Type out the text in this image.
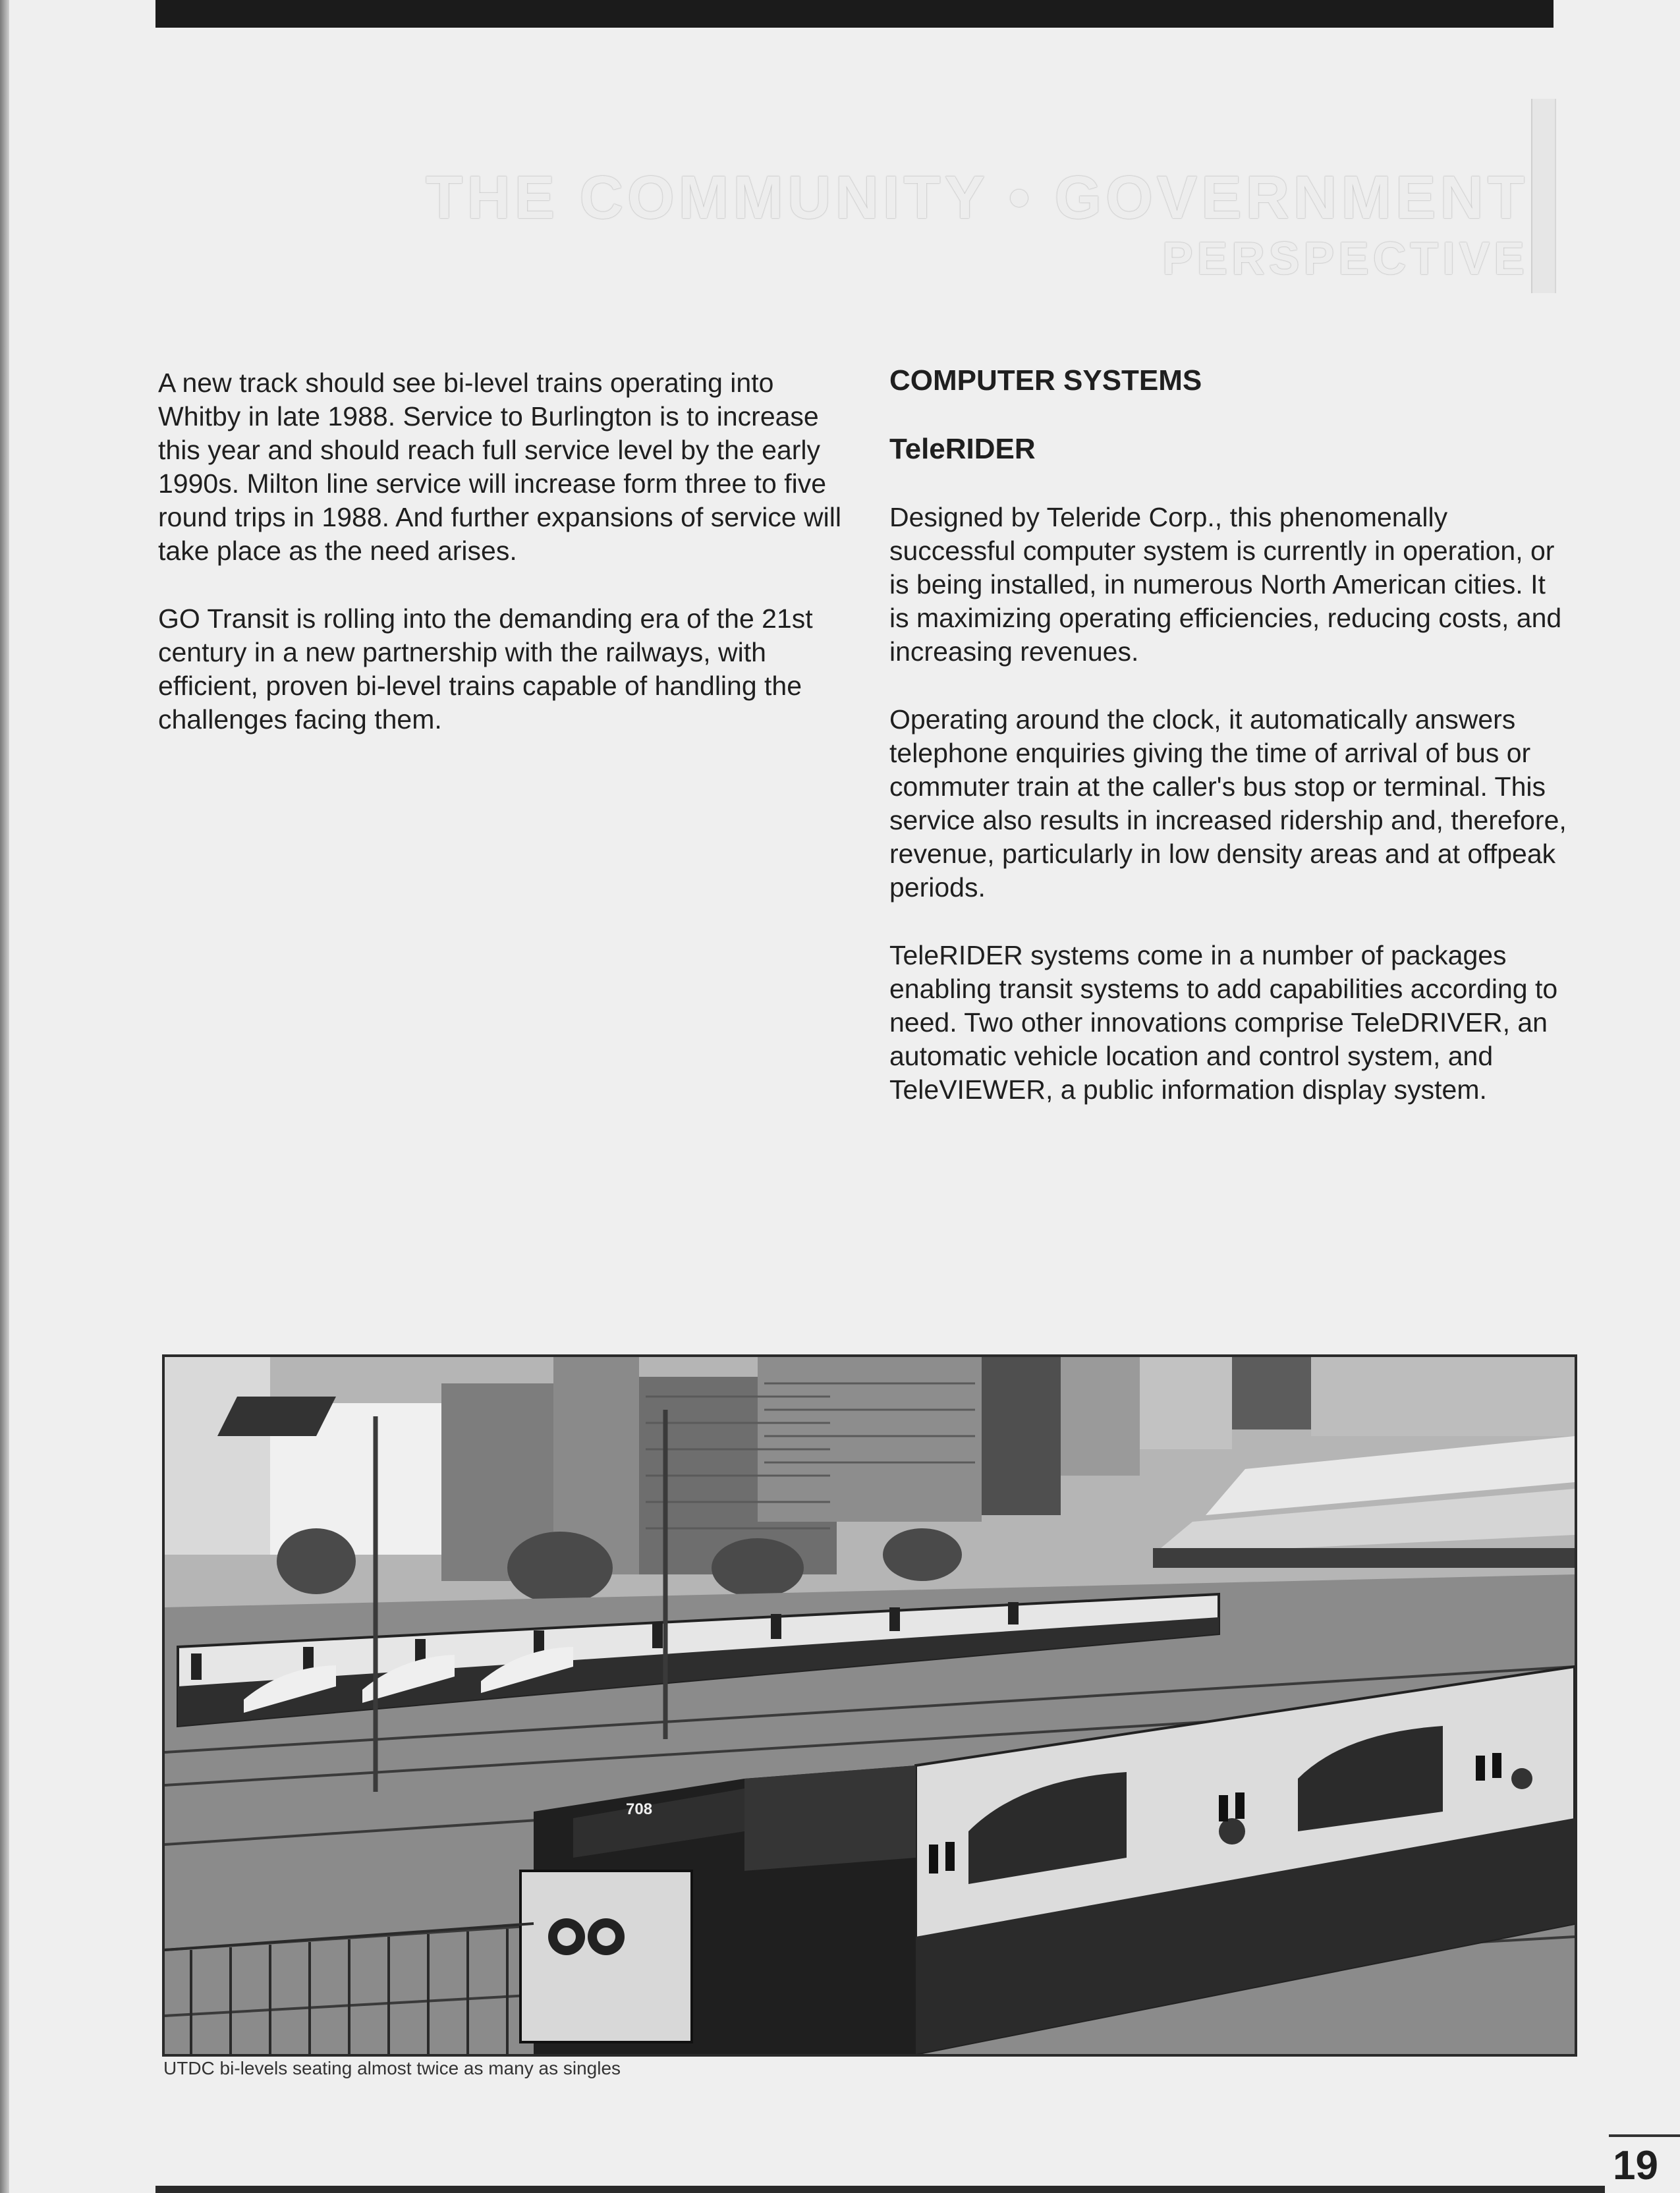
THE COMMUNITY • GOVERNMENT
PERSPECTIVE

A new track should see bi-level trains operating into Whitby in late 1988. Service to Burlington is to increase this year and should reach full service level by the early 1990s. Milton line service will increase form three to five round trips in 1988. And further expansions of service will take place as the need arises.

GO Transit is rolling into the demanding era of the 21st century in a new partnership with the railways, with efficient, proven bi-level trains capable of handling the challenges facing them.

COMPUTER SYSTEMS
TeleRIDER

Designed by Teleride Corp., this phenomenally successful computer system is currently in operation, or is being installed, in numerous North American cities. It is maximizing operating efficiencies, reducing costs, and increasing revenues.

Operating around the clock, it automatically answers telephone enquiries giving the time of arrival of bus or commuter train at the caller's bus stop or terminal. This service also results in increased ridership and, therefore, revenue, particularly in low density areas and at offpeak periods.

TeleRIDER systems come in a number of packages enabling transit systems to add capabilities according to need. Two other innovations comprise TeleDRIVER, an automatic vehicle location and control system, and TeleVIEWER, a public information display system.

708
UTDC bi-levels seating almost twice as many as singles
19
